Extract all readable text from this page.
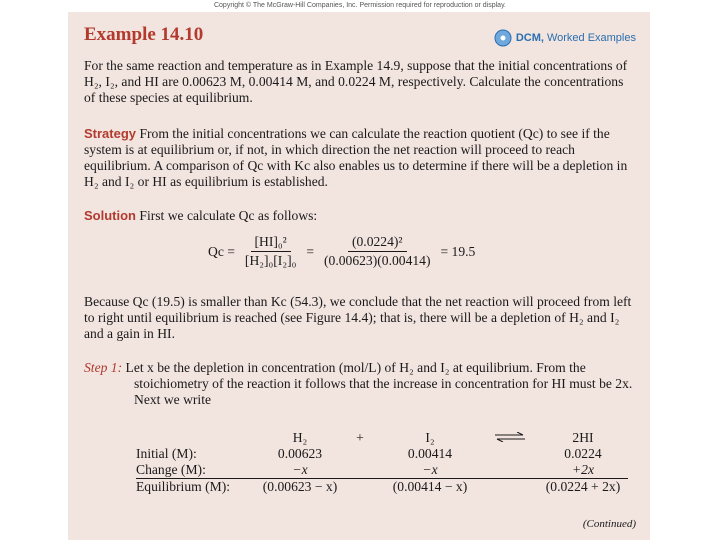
Copyright © The McGraw-Hill Companies, Inc. Permission required for reproduction or display.
Example 14.10	DCM, Worked Examples
For the same reaction and temperature as in Example 14.9, suppose that the initial concentrations of H₂, I₂, and HI are 0.00623 M, 0.00414 M, and 0.0224 M, respectively. Calculate the concentrations of these species at equilibrium.
Strategy From the initial concentrations we can calculate the reaction quotient (Qc) to see if the system is at equilibrium or, if not, in which direction the net reaction will proceed to reach equilibrium. A comparison of Qc with Kc also enables us to determine if there will be a depletion in H₂ and I₂ or HI as equilibrium is established.
Solution First we calculate Qc as follows:
$Qc = \frac{\text{[HI]₀²}}{\text{[H₂]₀[I₂]₀}} = \frac{\text{(0.0224)²}}{(0.00623)(0.00414)} = 19.5$
Because Qc (19.5) is smaller than Kc (54.3), we conclude that the net reaction will proceed from left to right until equilibrium is reached (see Figure 14.4); that is, there will be a depletion of H₂ and I₂ and a gain in HI.
Step 1: Let x be the depletion in concentration (mol/L) of H₂ and I₂ at equilibrium. From the stoichiometry of the reaction it follows that the increase in concentration for HI must be 2x. Next we write
	H₂	+	I₂		2HI
Initial (M):	0.00623		0.00414		0.0224
Change (M):	−x		−x		+2x
Equilibrium (M):	(0.00623 − x)		(0.00414 − x)		(0.0224 + 2x)
(Continued)
